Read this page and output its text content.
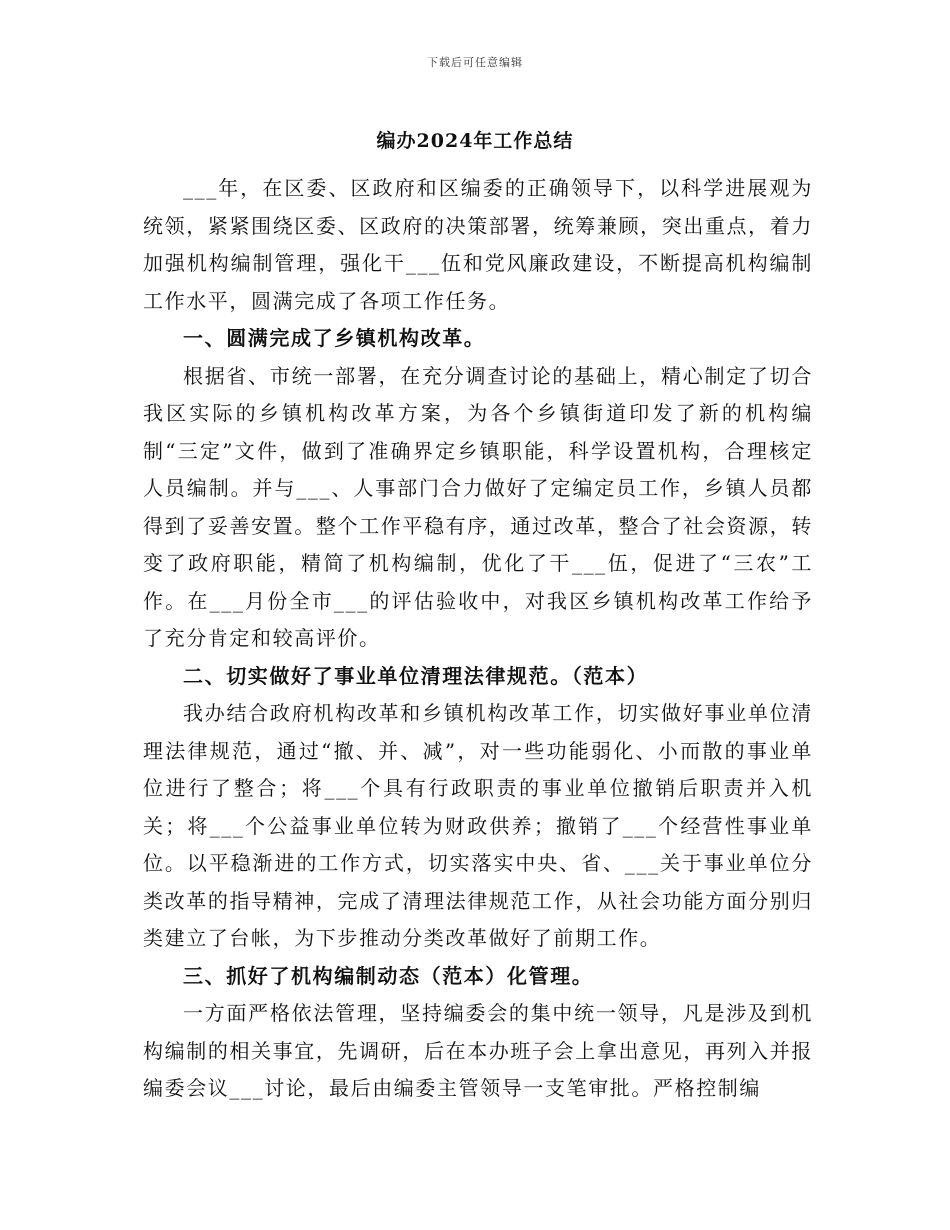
下载后可任意编辑
编办2024年工作总结

___年，在区委、区政府和区编委的正确领导下，以科学进展观为统领，紧紧围绕区委、区政府的决策部署，统筹兼顾，突出重点，着力加强机构编制管理，强化干___伍和党风廉政建设，不断提高机构编制工作水平，圆满完成了各项工作任务。

一、圆满完成了乡镇机构改革。

根据省、市统一部署，在充分调查讨论的基础上，精心制定了切合我区实际的乡镇机构改革方案，为各个乡镇街道印发了新的机构编制“三定”文件，做到了准确界定乡镇职能，科学设置机构，合理核定人员编制。并与___、人事部门合力做好了定编定员工作，乡镇人员都得到了妥善安置。整个工作平稳有序，通过改革，整合了社会资源，转变了政府职能，精简了机构编制，优化了干___伍，促进了“三农”工作。在___月份全市___的评估验收中，对我区乡镇机构改革工作给予了充分肯定和较高评价。

二、切实做好了事业单位清理法律规范。（范本）

我办结合政府机构改革和乡镇机构改革工作，切实做好事业单位清理法律规范，通过“撤、并、减”，对一些功能弱化、小而散的事业单位进行了整合；将___个具有行政职责的事业单位撤销后职责并入机关；将___个公益事业单位转为财政供养；撤销了___个经营性事业单位。以平稳渐进的工作方式，切实落实中央、省、___关于事业单位分类改革的指导精神，完成了清理法律规范工作，从社会功能方面分别归类建立了台帐，为下步推动分类改革做好了前期工作。

三、抓好了机构编制动态（范本）化管理。

一方面严格依法管理，坚持编委会的集中统一领导，凡是涉及到机构编制的相关事宜，先调研，后在本办班子会上拿出意见，再列入并报编委会议___讨论，最后由编委主管领导一支笔审批。严格控制编
